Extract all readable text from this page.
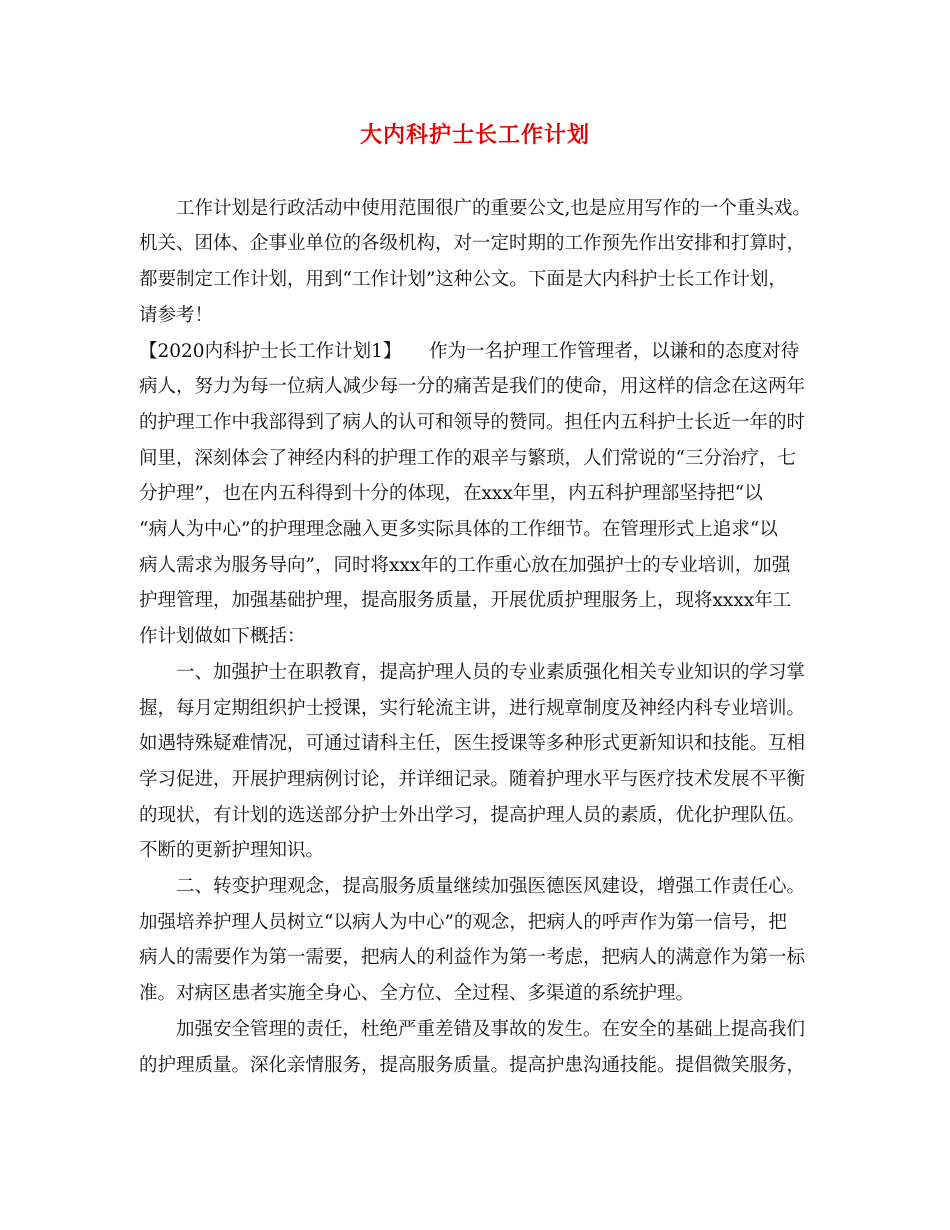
大内科护士长工作计划
工作计划是行政活动中使用范围很广的重要公文,也是应用写作的一个重头戏。
机关、团体、企事业单位的各级机构，对一定时期的工作预先作出安排和打算时，
都要制定工作计划，用到“工作计划”这种公文。下面是大内科护士长工作计划，
请参考！
【2020内科护士长工作计划1】　　作为一名护理工作管理者，以谦和的态度对待
病人，努力为每一位病人减少每一分的痛苦是我们的使命，用这样的信念在这两年
的护理工作中我部得到了病人的认可和领导的赞同。担任内五科护士长近一年的时
间里，深刻体会了神经内科的护理工作的艰辛与繁琐，人们常说的“三分治疗，七
分护理”，也在内五科得到十分的体现，在xxx年里，内五科护理部坚持把“以
“病人为中心”的护理理念融入更多实际具体的工作细节。在管理形式上追求“以
病人需求为服务导向”，同时将xxx年的工作重心放在加强护士的专业培训，加强
护理管理，加强基础护理，提高服务质量，开展优质护理服务上，现将xxxx年工
作计划做如下概括：
一、加强护士在职教育，提高护理人员的专业素质强化相关专业知识的学习掌
握，每月定期组织护士授课，实行轮流主讲，进行规章制度及神经内科专业培训。
如遇特殊疑难情况，可通过请科主任，医生授课等多种形式更新知识和技能。互相
学习促进，开展护理病例讨论，并详细记录。随着护理水平与医疗技术发展不平衡
的现状，有计划的选送部分护士外出学习，提高护理人员的素质，优化护理队伍。
不断的更新护理知识。
二、转变护理观念，提高服务质量继续加强医德医风建设，增强工作责任心。
加强培养护理人员树立“以病人为中心”的观念，把病人的呼声作为第一信号，把
病人的需要作为第一需要，把病人的利益作为第一考虑，把病人的满意作为第一标
准。对病区患者实施全身心、全方位、全过程、多渠道的系统护理。
加强安全管理的责任，杜绝严重差错及事故的发生。在安全的基础上提高我们
的护理质量。深化亲情服务，提高服务质量。提高护患沟通技能。提倡微笑服务，
